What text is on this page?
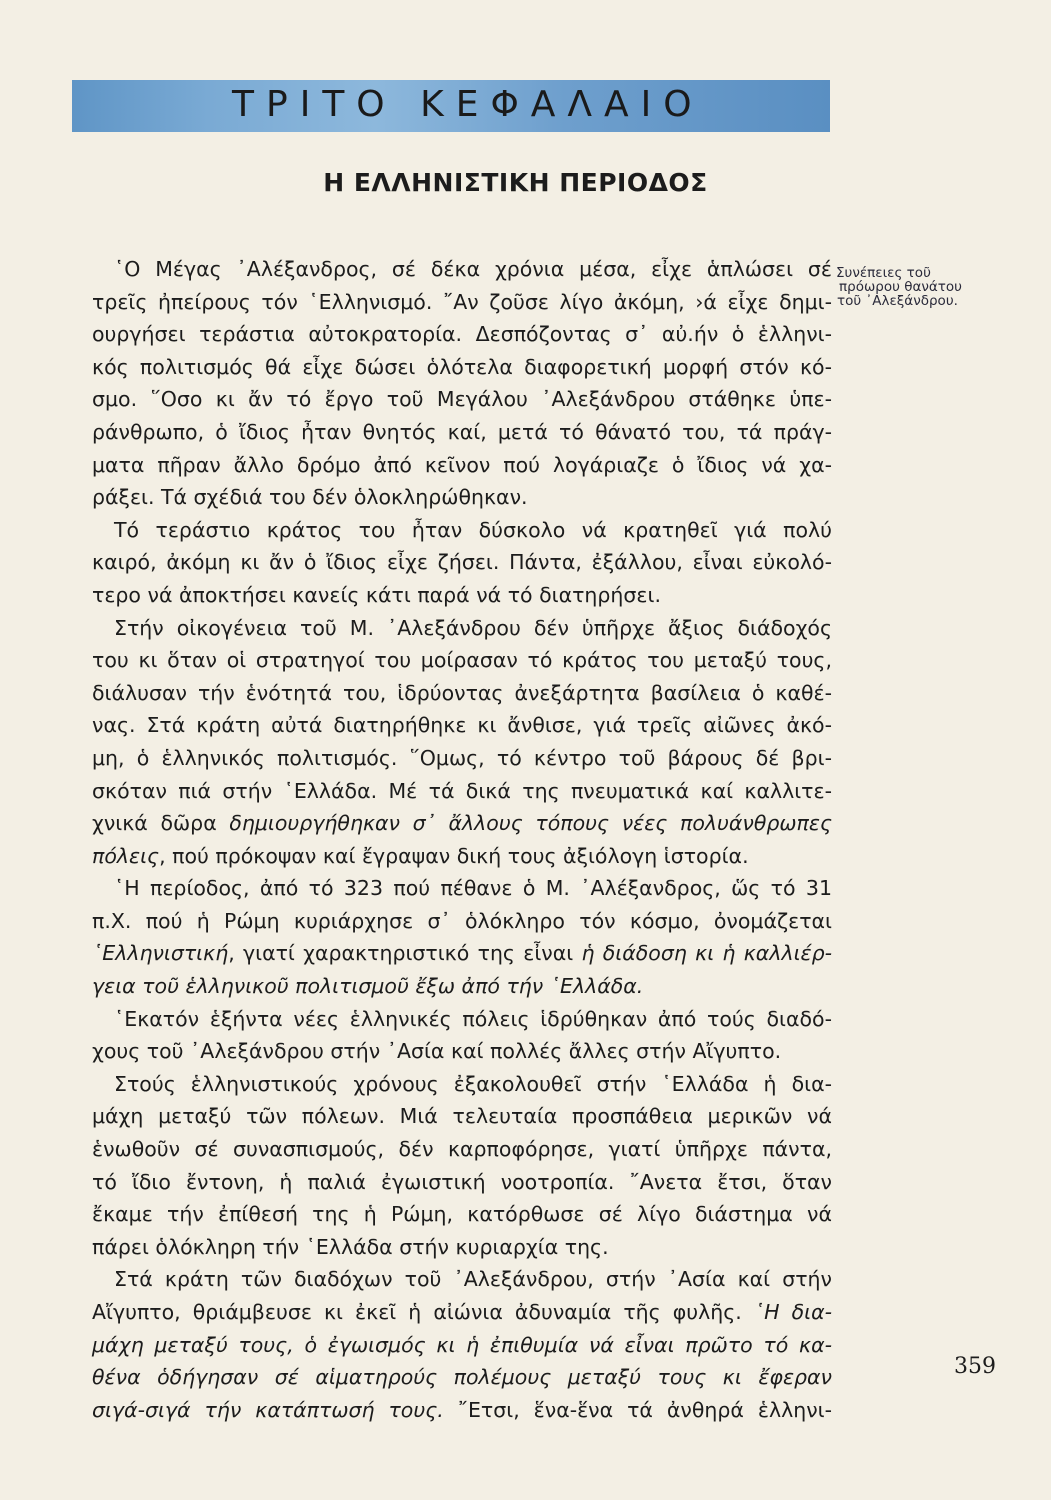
ΤΡΙΤΟ ΚΕΦΑΛΑΙΟ
Η ΕΛΛΗΝΙΣΤΙΚΗ ΠΕΡΙΟΔΟΣ
Συνέπειες τοῦ
πρόωρου θανάτου
τοῦ ᾽Αλεξάνδρου.
῾Ο Μέγας ᾽Αλέξανδρος, σέ δέκα χρόνια μέσα, εἶχε ἁπλώσει σέ
τρεῖς ἠπείρους τόν ῾Ελληνισμό. ῎Αν ζοῦσε λίγο ἀκόμη, ›ά εἶχε δημι-
ουργήσει τεράστια αὐτοκρατορία. Δεσπόζοντας σ᾽ αὐ.ήν ὁ ἑλληνι-
κός πολιτισμός θά εἶχε δώσει ὁλότελα διαφορετική μορφή στόν κό-
σμο. ῞Οσο κι ἄν τό ἔργο τοῦ Μεγάλου ᾽Αλεξάνδρου στάθηκε ὑπε-
ράνθρωπο, ὁ ἴδιος ἦταν θνητός καί, μετά τό θάνατό του, τά πράγ-
ματα πῆραν ἄλλο δρόμο ἀπό κεῖνον πού λογάριαζε ὁ ἴδιος νά χα-
ράξει. Τά σχέδιά του δέν ὁλοκληρώθηκαν.
Τό τεράστιο κράτος του ἦταν δύσκολο νά κρατηθεῖ γιά πολύ
καιρό, ἀκόμη κι ἄν ὁ ἴδιος εἶχε ζήσει. Πάντα, ἐξάλλου, εἶναι εὐκολό-
τερο νά ἀποκτήσει κανείς κάτι παρά νά τό διατηρήσει.
Στήν οἰκογένεια τοῦ Μ. ᾽Αλεξάνδρου δέν ὑπῆρχε ἄξιος διάδοχός
του κι ὅταν οἱ στρατηγοί του μοίρασαν τό κράτος του μεταξύ τους,
διάλυσαν τήν ἑνότητά του, ἱδρύοντας ἀνεξάρτητα βασίλεια ὁ καθέ-
νας. Στά κράτη αὐτά διατηρήθηκε κι ἄνθισε, γιά τρεῖς αἰῶνες ἀκό-
μη, ὁ ἑλληνικός πολιτισμός. ῞Ομως, τό κέντρο τοῦ βάρους δέ βρι-
σκόταν πιά στήν ῾Ελλάδα. Μέ τά δικά της πνευματικά καί καλλιτε-
χνικά δῶρα δημιουργήθηκαν σ᾽ ἄλλους τόπους νέες πολυάνθρωπες
πόλεις, πού πρόκοψαν καί ἔγραψαν δική τους ἀξιόλογη ἱστορία.
῾Η περίοδος, ἀπό τό 323 πού πέθανε ὁ Μ. ᾽Αλέξανδρος, ὥς τό 31
π.Χ. πού ἡ Ρώμη κυριάρχησε σ᾽ ὁλόκληρο τόν κόσμο, ὀνομάζεται
῾Ελληνιστική, γιατί χαρακτηριστικό της εἶναι ἡ διάδοση κι ἡ καλλιέρ-
γεια τοῦ ἑλληνικοῦ πολιτισμοῦ ἔξω ἀπό τήν ῾Ελλάδα.
῾Εκατόν ἑξήντα νέες ἑλληνικές πόλεις ἱδρύθηκαν ἀπό τούς διαδό-
χους τοῦ ᾽Αλεξάνδρου στήν ᾽Ασία καί πολλές ἄλλες στήν Αἴγυπτο.
Στούς ἑλληνιστικούς χρόνους ἐξακολουθεῖ στήν ῾Ελλάδα ἡ δια-
μάχη μεταξύ τῶν πόλεων. Μιά τελευταία προσπάθεια μερικῶν νά
ἑνωθοῦν σέ συνασπισμούς, δέν καρποφόρησε, γιατί ὑπῆρχε πάντα,
τό ἴδιο ἔντονη, ἡ παλιά ἐγωιστική νοοτροπία. ῎Ανετα ἔτσι, ὅταν
ἔκαμε τήν ἐπίθεσή της ἡ Ρώμη, κατόρθωσε σέ λίγο διάστημα νά
πάρει ὁλόκληρη τήν ῾Ελλάδα στήν κυριαρχία της.
Στά κράτη τῶν διαδόχων τοῦ ᾽Αλεξάνδρου, στήν ᾽Ασία καί στήν
Αἴγυπτο, θριάμβευσε κι ἐκεῖ ἡ αἰώνια ἀδυναμία τῆς φυλῆς. ῾Η δια-
μάχη μεταξύ τους, ὁ ἐγωισμός κι ἡ ἐπιθυμία νά εἶναι πρῶτο τό κα-
θένα ὁδήγησαν σέ αἱματηρούς πολέμους μεταξύ τους κι ἔφεραν
σιγά-σιγά τήν κατάπτωσή τους. ῎Ετσι, ἕνα-ἕνα τά ἀνθηρά ἑλληνι-
359
